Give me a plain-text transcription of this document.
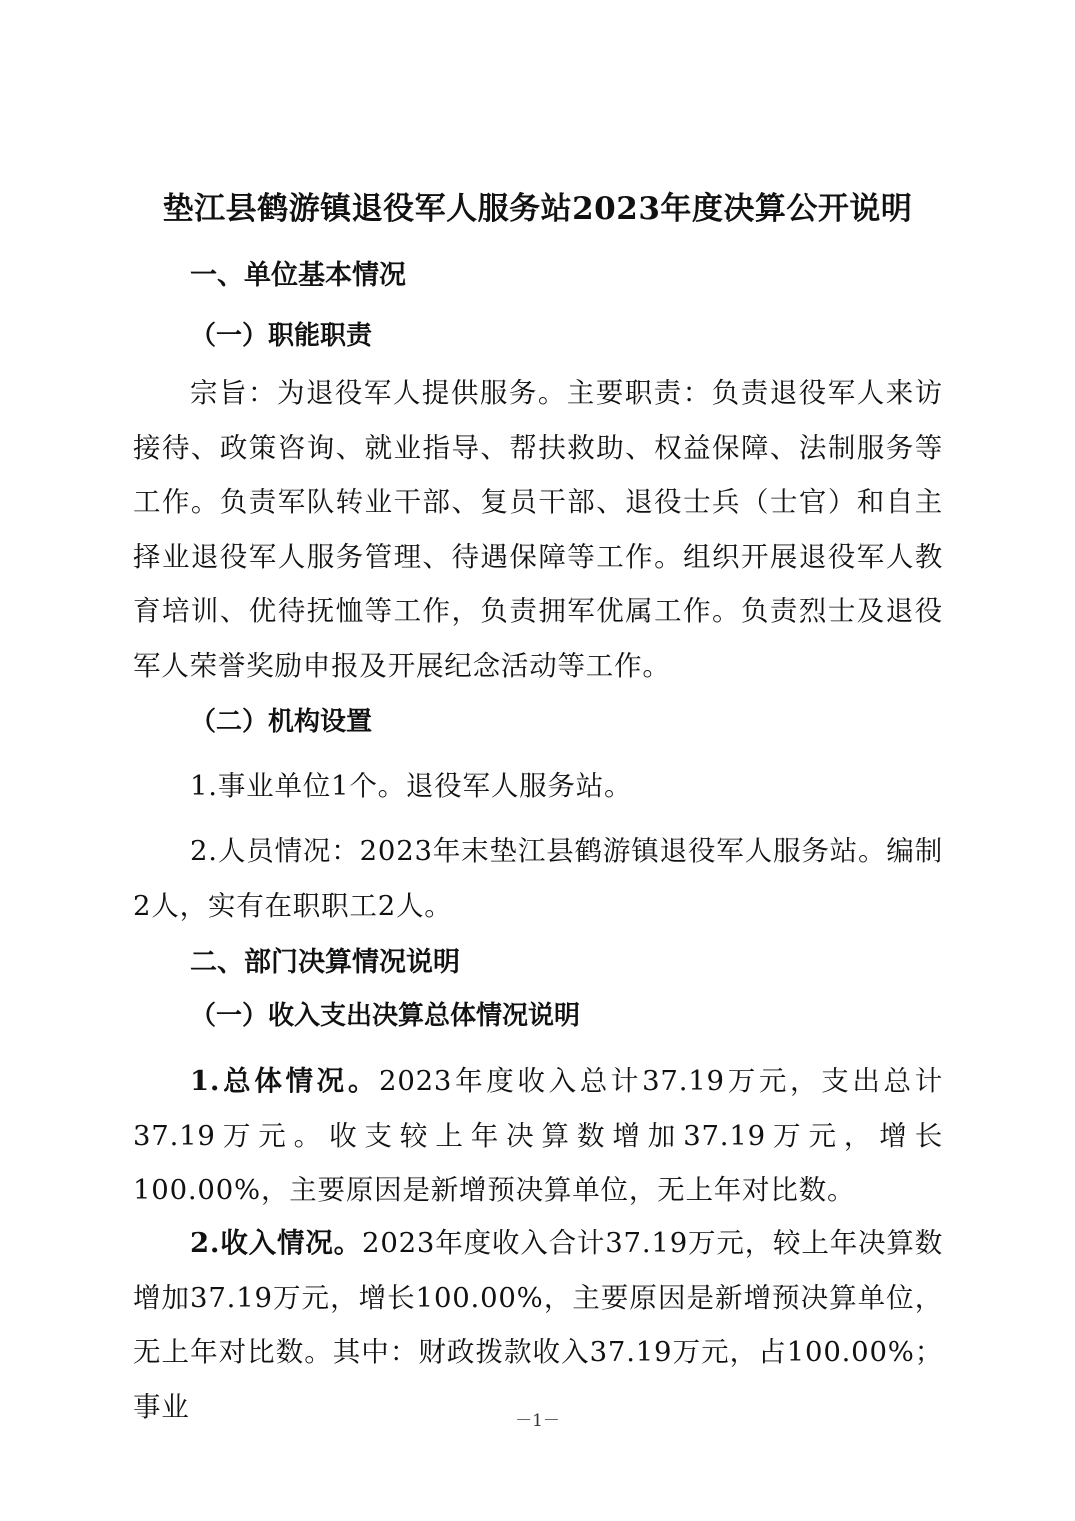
垫江县鹤游镇退役军人服务站2023年度决算公开说明
一、单位基本情况
（一）职能职责

宗旨：为退役军人提供服务。主要职责：负责退役军人来访接待、政策咨询、就业指导、帮扶救助、权益保障、法制服务等工作。负责军队转业干部、复员干部、退役士兵（士官）和自主择业退役军人服务管理、待遇保障等工作。组织开展退役军人教育培训、优待抚恤等工作，负责拥军优属工作。负责烈士及退役军人荣誉奖励申报及开展纪念活动等工作。

（二）机构设置

1.事业单位1个。退役军人服务站。

2.人员情况：2023年末垫江县鹤游镇退役军人服务站。编制2人，实有在职职工2人。

二、部门决算情况说明
（一）收入支出决算总体情况说明

1.总体情况。2023年度收入总计37.19万元，支出总计37.19万元。收支较上年决算数增加37.19万元，增长100.00%，主要原因是新增预决算单位，无上年对比数。

2.收入情况。2023年度收入合计37.19万元，较上年决算数增加37.19万元，增长100.00%，主要原因是新增预决算单位，无上年对比数。其中：财政拨款收入37.19万元，占100.00%；事业	－1－
